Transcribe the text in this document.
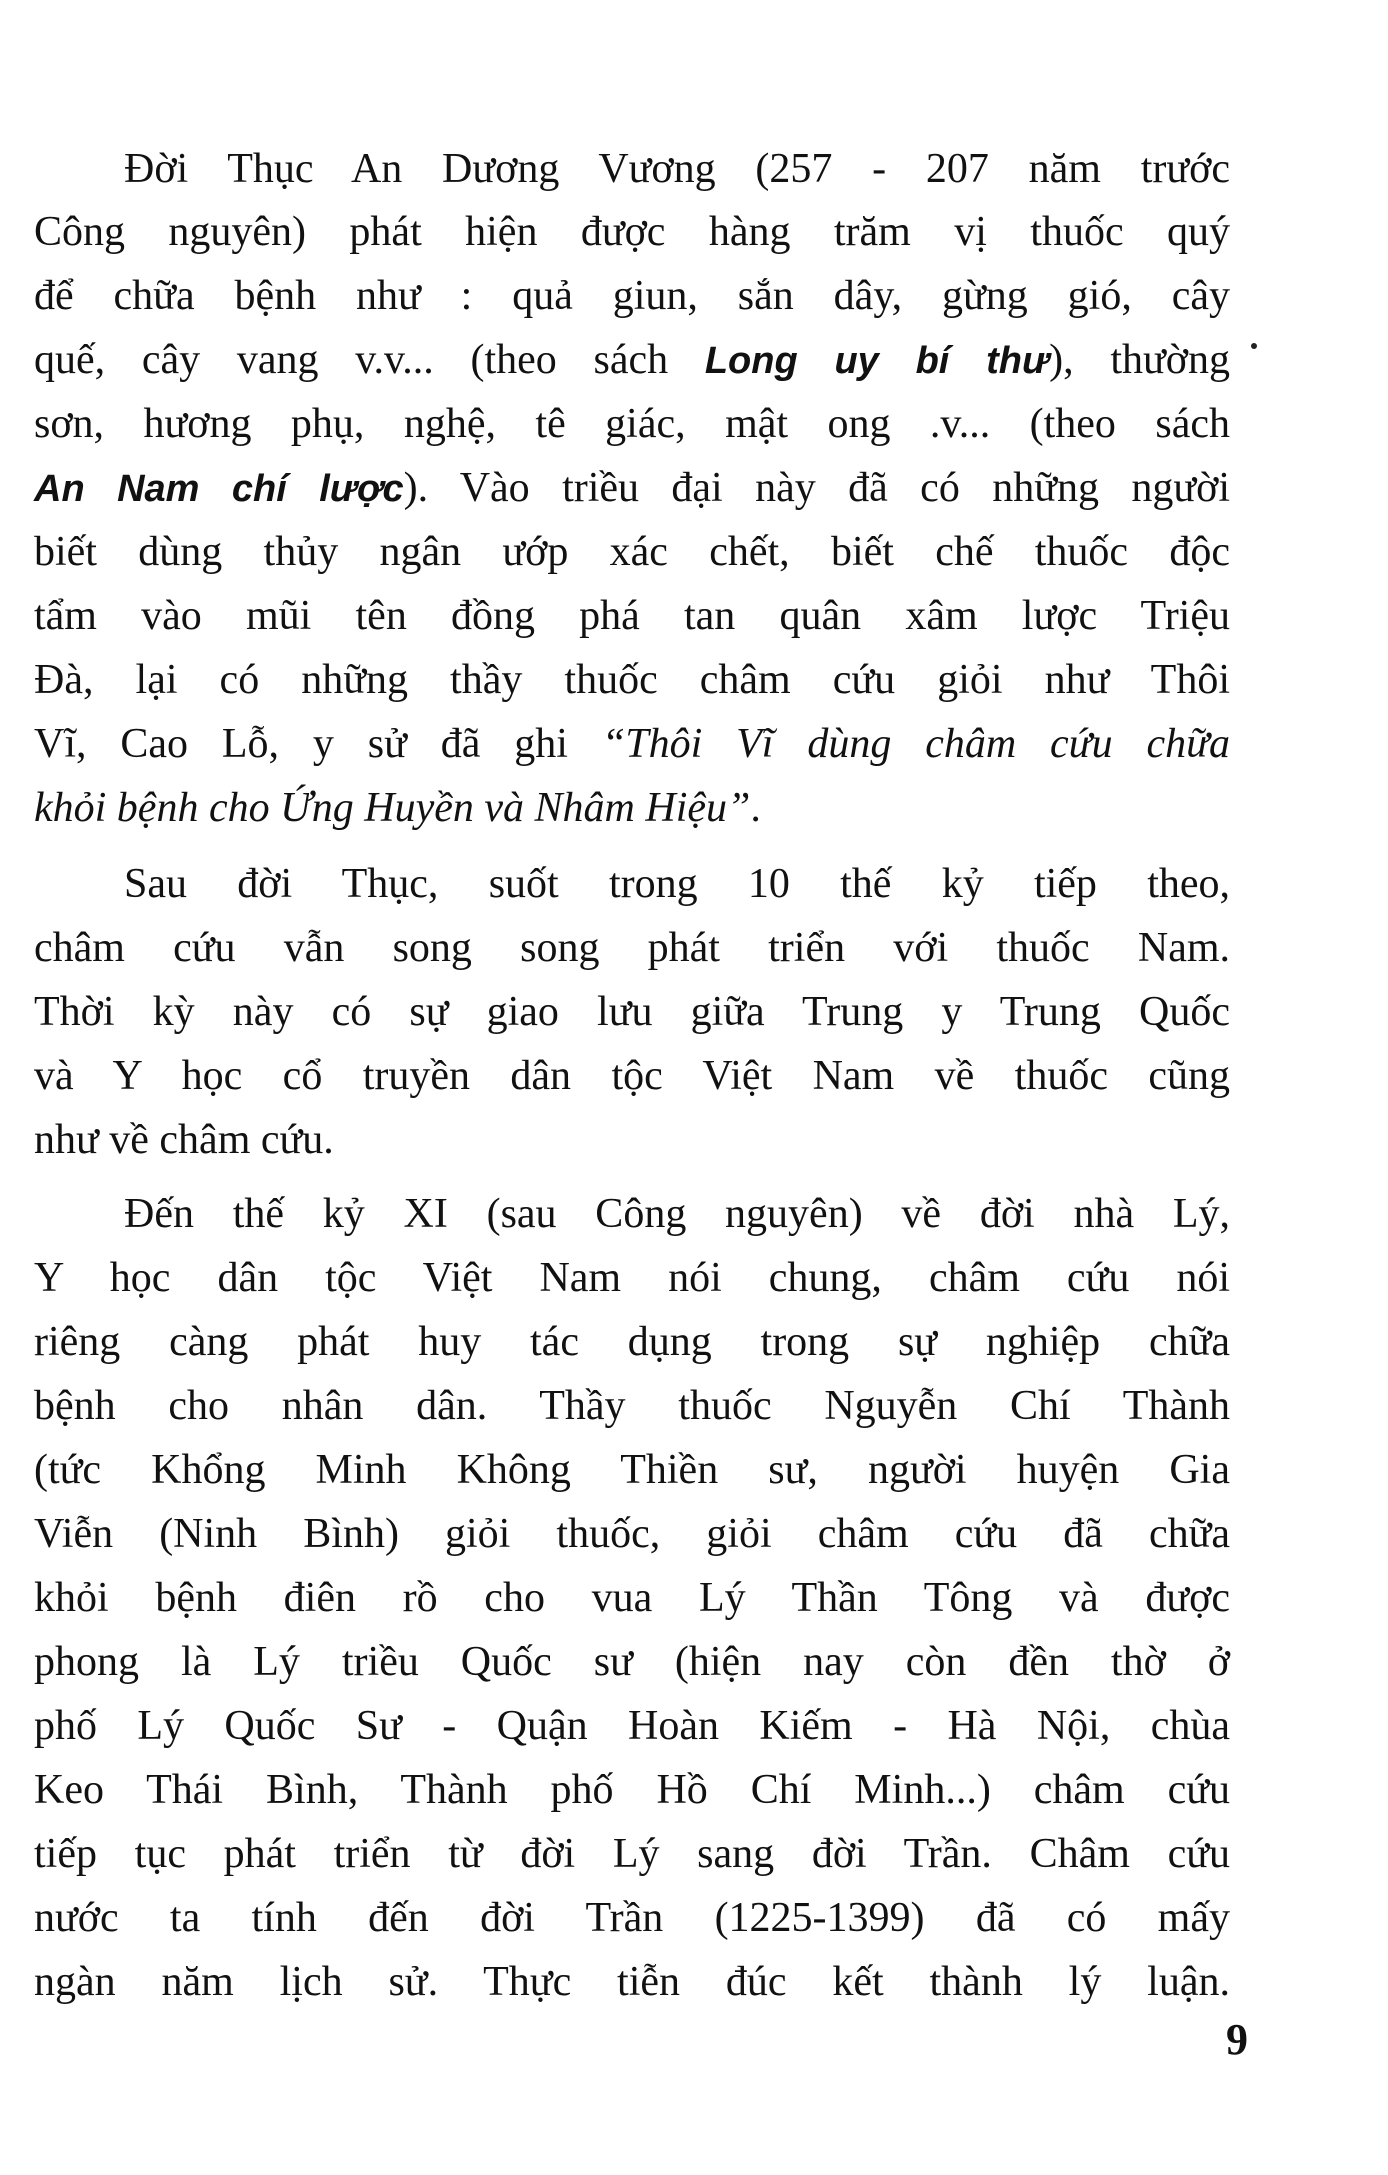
Đời Thục An Dương Vương (257 - 207 năm trước
Công nguyên) phát hiện được hàng trăm vị thuốc quý
để chữa bệnh như : quả giun, sắn dây, gừng gió, cây
quế, cây vang v.v... (theo sách Long uy bí thư), thường
sơn, hương phụ, nghệ, tê giác, mật ong .v... (theo sách
An Nam chí lược). Vào triều đại này đã có những người
biết dùng thủy ngân ướp xác chết, biết chế thuốc độc
tẩm vào mũi tên đồng phá tan quân xâm lược Triệu
Đà, lại có những thầy thuốc châm cứu giỏi như Thôi
Vĩ, Cao Lỗ, y sử đã ghi “Thôi Vĩ dùng châm cứu chữa
khỏi bệnh cho Ứng Huyền và Nhâm Hiệu”.
Sau đời Thục, suốt trong 10 thế kỷ tiếp theo,
châm cứu vẫn song song phát triển với thuốc Nam.
Thời kỳ này có sự giao lưu giữa Trung y Trung Quốc
và Y học cổ truyền dân tộc Việt Nam về thuốc cũng
như về châm cứu.
Đến thế kỷ XI (sau Công nguyên) về đời nhà Lý,
Y học dân tộc Việt Nam nói chung, châm cứu nói
riêng càng phát huy tác dụng trong sự nghiệp chữa
bệnh cho nhân dân. Thầy thuốc Nguyễn Chí Thành
(tức Khổng Minh Không Thiền sư, người huyện Gia
Viễn (Ninh Bình) giỏi thuốc, giỏi châm cứu đã chữa
khỏi bệnh điên rồ cho vua Lý Thần Tông và được
phong là Lý triều Quốc sư (hiện nay còn đền thờ ở
phố Lý Quốc Sư - Quận Hoàn Kiếm - Hà Nội, chùa
Keo Thái Bình, Thành phố Hồ Chí Minh...) châm cứu
tiếp tục phát triển từ đời Lý sang đời Trần. Châm cứu
nước ta tính đến đời Trần (1225-1399) đã có mấy
ngàn năm lịch sử. Thực tiễn đúc kết thành lý luận.
9
